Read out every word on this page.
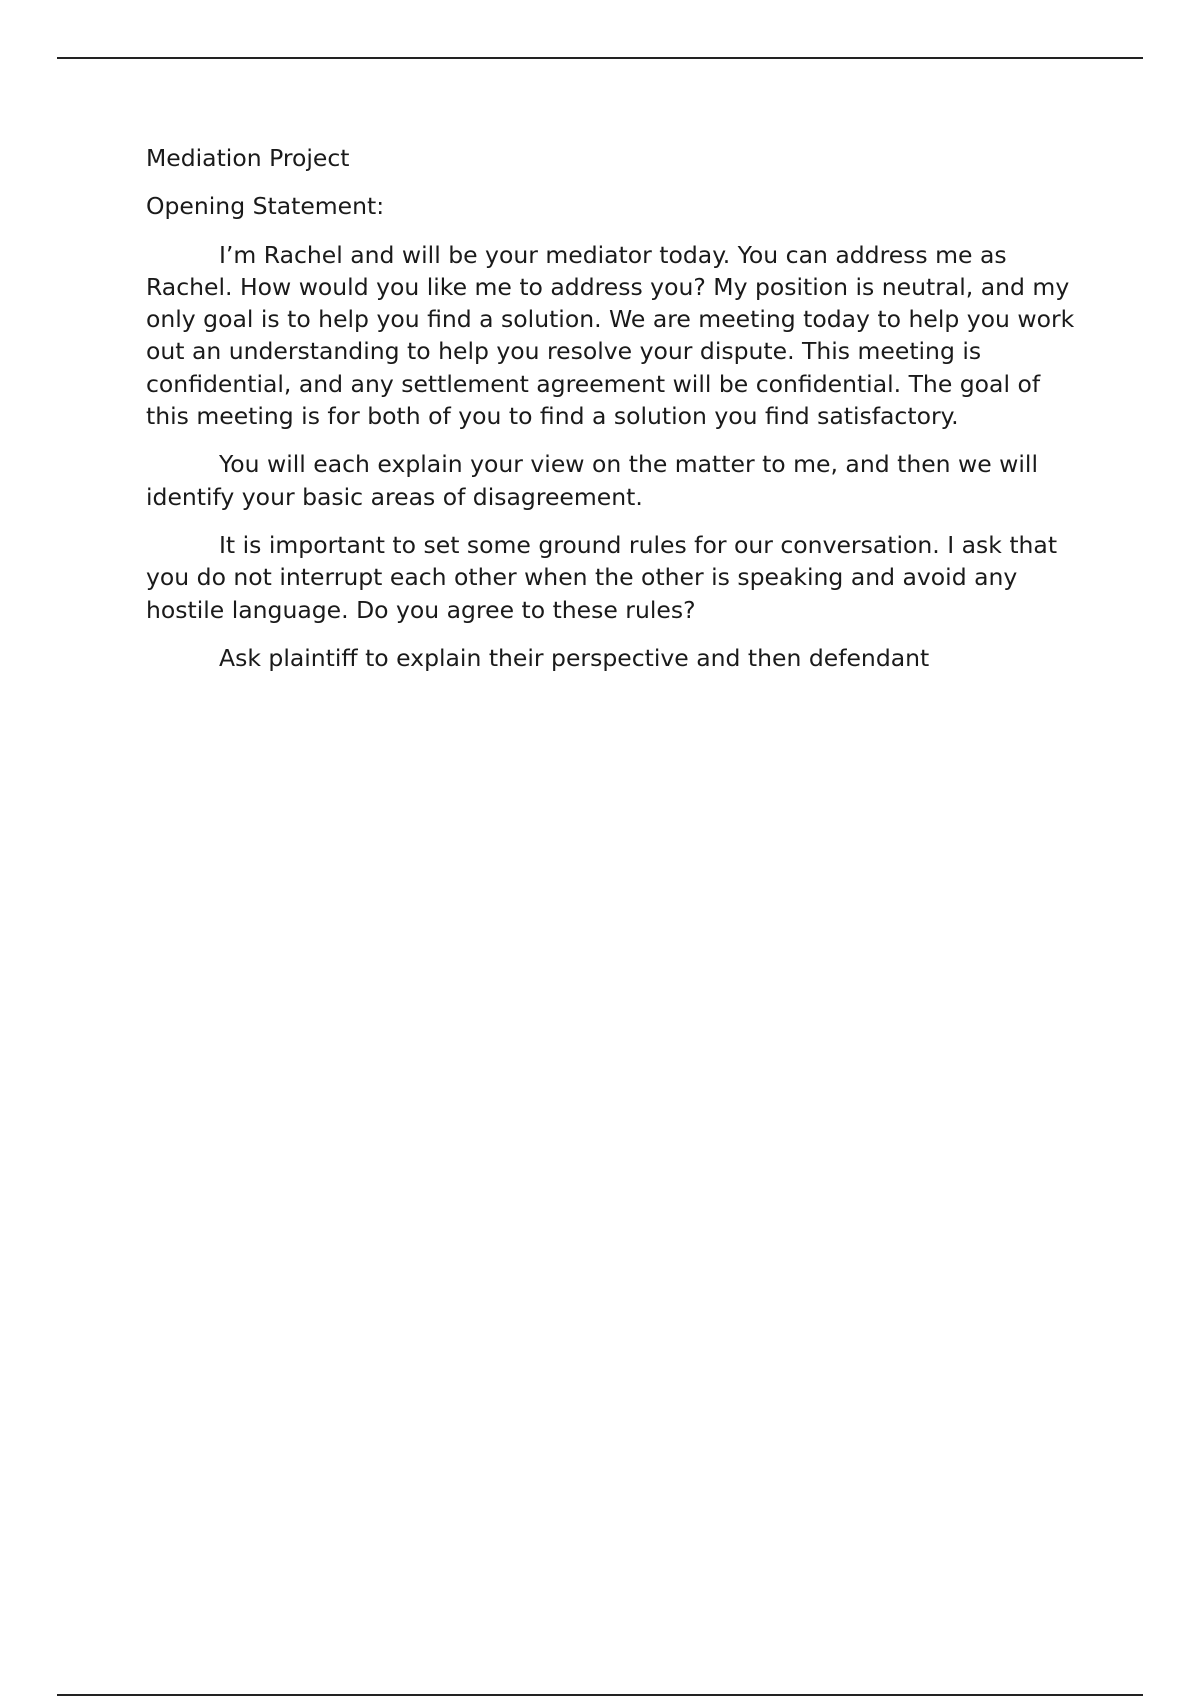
Mediation Project

Opening Statement:

I’m Rachel and will be your mediator today. You can address me as Rachel. How would you like me to address you? My position is neutral, and my only goal is to help you find a solution. We are meeting today to help you work out an understanding to help you resolve your dispute. This meeting is confidential, and any settlement agreement will be confidential. The goal of this meeting is for both of you to find a solution you find satisfactory.

You will each explain your view on the matter to me, and then we will identify your basic areas of disagreement.

It is important to set some ground rules for our conversation. I ask that you do not interrupt each other when the other is speaking and avoid any hostile language. Do you agree to these rules?

Ask plaintiff to explain their perspective and then defendant
